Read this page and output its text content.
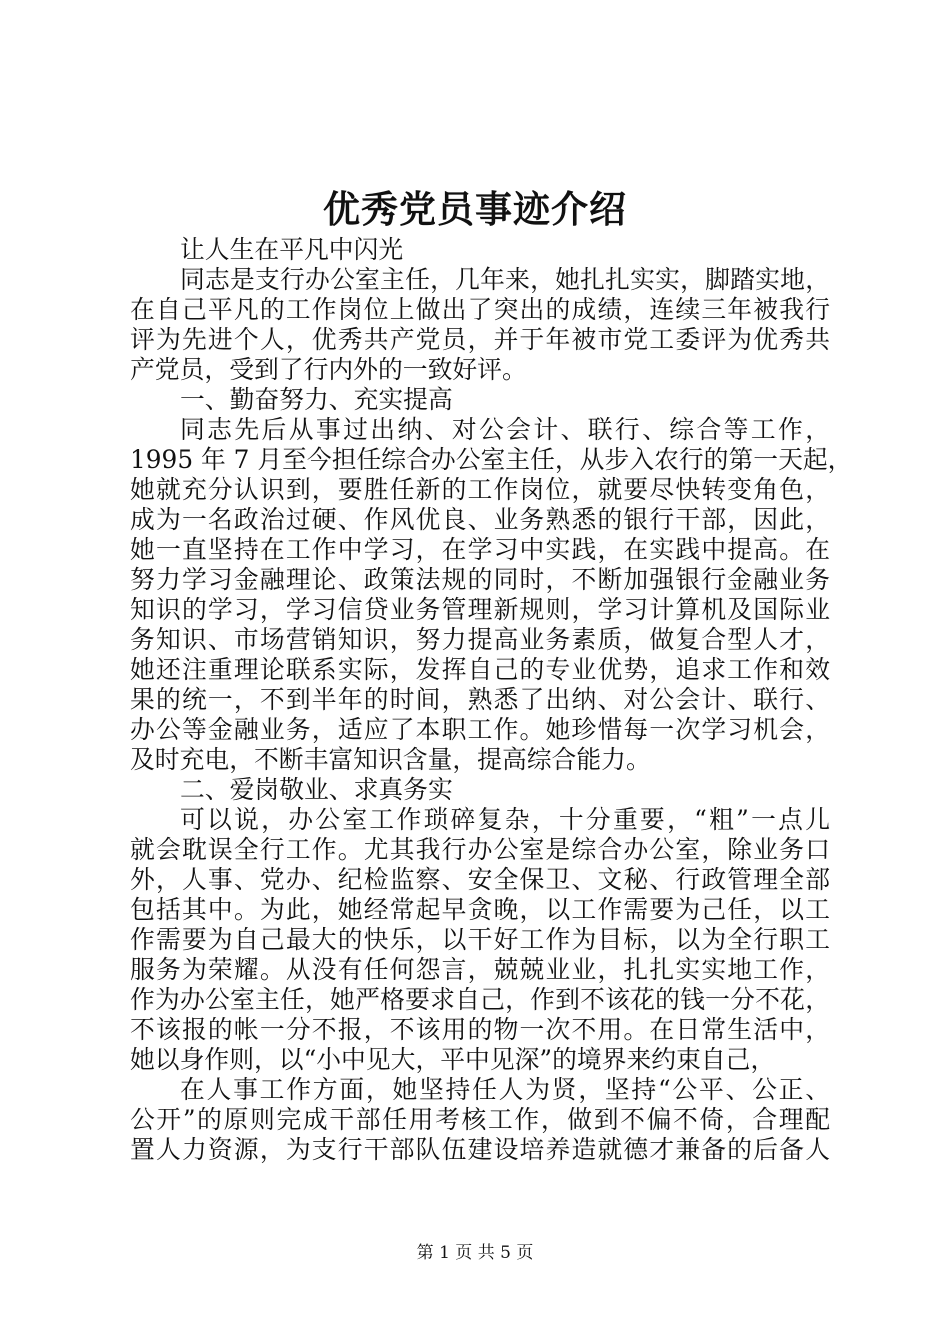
优秀党员事迹介绍
让人生在平凡中闪光
同志是支行办公室主任，几年来，她扎扎实实，脚踏实地，
在自己平凡的工作岗位上做出了突出的成绩，连续三年被我行
评为先进个人，优秀共产党员，并于年被市党工委评为优秀共
产党员，受到了行内外的一致好评。
一、勤奋努力、充实提高
同志先后从事过出纳、对公会计、联行、综合等工作，
1995 年 7 月至今担任综合办公室主任，从步入农行的第一天起，
她就充分认识到，要胜任新的工作岗位，就要尽快转变角色，
成为一名政治过硬、作风优良、业务熟悉的银行干部，因此，
她一直坚持在工作中学习，在学习中实践，在实践中提高。在
努力学习金融理论、政策法规的同时，不断加强银行金融业务
知识的学习，学习信贷业务管理新规则，学习计算机及国际业
务知识、市场营销知识，努力提高业务素质，做复合型人才，
她还注重理论联系实际，发挥自己的专业优势，追求工作和效
果的统一，不到半年的时间，熟悉了出纳、对公会计、联行、
办公等金融业务，适应了本职工作。她珍惜每一次学习机会，
及时充电，不断丰富知识含量，提高综合能力。
二、爱岗敬业、求真务实
可以说，办公室工作琐碎复杂，十分重要，“粗”一点儿
就会耽误全行工作。尤其我行办公室是综合办公室，除业务口
外，人事、党办、纪检监察、安全保卫、文秘、行政管理全部
包括其中。为此，她经常起早贪晚，以工作需要为己任，以工
作需要为自己最大的快乐，以干好工作为目标，以为全行职工
服务为荣耀。从没有任何怨言，兢兢业业，扎扎实实地工作，
作为办公室主任，她严格要求自己，作到不该花的钱一分不花，
不该报的帐一分不报，不该用的物一次不用。在日常生活中，
她以身作则，以“小中见大，平中见深”的境界来约束自己，
在人事工作方面，她坚持任人为贤，坚持“公平、公正、
公开”的原则完成干部任用考核工作，做到不偏不倚，合理配
置人力资源，为支行干部队伍建设培养造就德才兼备的后备人
第 1 页 共 5 页
